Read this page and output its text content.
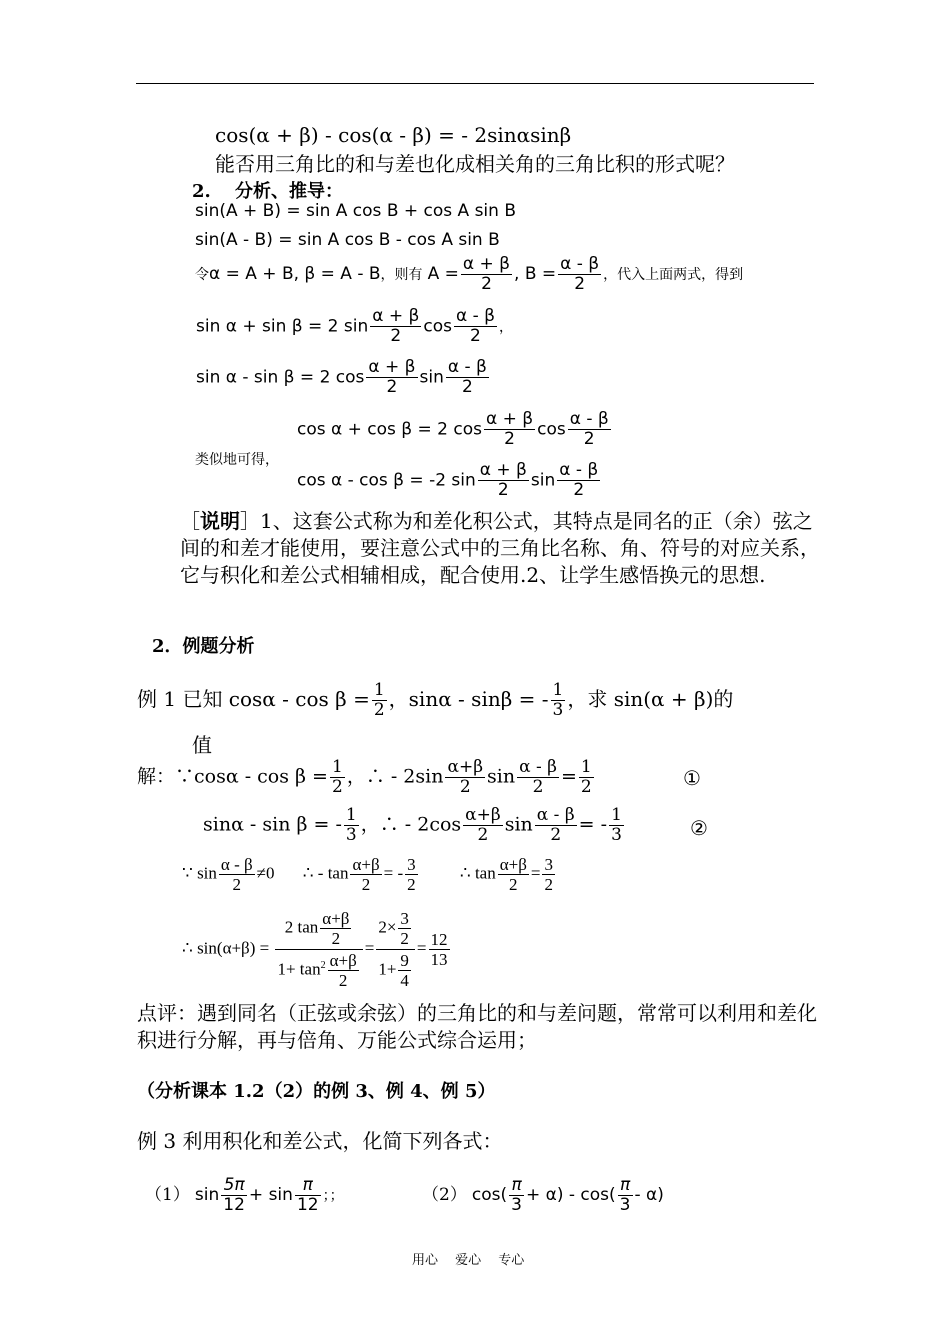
cos(α + β) - cos(α - β) = - 2sinαsinβ
能否用三角比的和与差也化成相关角的三角比积的形式呢？
2.　 分析、推导：
sin(A + B) = sin A cos B + cos A sin B
sin(A - B) = sin A cos B - cos A sin B
令α = A + B, β = A - B，则有 $A = \frac{\alpha + \beta}{2}$ , $B = \frac{\alpha - \beta}{2}$ ，代入上面两式，得到
sin α + sin β = 2 $\sin \frac{\alpha + \beta}{2}$ $\cos \frac{\alpha - \beta}{2}$ ，
sin α - sin β = 2 $\cos \frac{\alpha + \beta}{2}$ $\sin \frac{\alpha - \beta}{2}$
cos α + cos β = 2 $\cos \frac{\alpha + \beta}{2}$ $\cos \frac{\alpha - \beta}{2}$
类似地可得，
cos α - cos β = -2 $\sin \frac{\alpha + \beta}{2}$ $\sin \frac{\alpha - \beta}{2}$
［说明］1、这套公式称为和差化积公式，其特点是同名的正（余）弦之间的和差才能使用，要注意公式中的三角比名称、角、符号的对应关系，它与积化和差公式相辅相成，配合使用.2、让学生感悟换元的思想.
2．例题分析
例 1 已知 $\cos\alpha - \cos \beta = \frac{1}{2}$ ，sinα - sinβ = - $\frac{1}{3}$ ，求 sin(α + β)的
值
解：∵cosα - $\cos \beta = \frac{1}{2}$ ，∴ - $2\sin \frac{\alpha+\beta}{2}$ $\sin \frac{\alpha - \beta}{2} = \frac{1}{2}$	①
sinα - sin β = - $\frac{1}{3}$ ，∴ - $2\cos \frac{\alpha+\beta}{2}$ $\sin \frac{\alpha - \beta}{2}$ = - $\frac{1}{3}$	②
∵ $\sin \frac{\alpha - \beta}{2} \ne 0$ ∴ - $\tan \frac{\alpha+\beta}{2}$ = - $\frac{3}{2}$ ∴ $\tan \frac{\alpha+\beta}{2} = \frac{3}{2}$
∴ $\sin(\alpha+\beta) = \frac{2 \tan \frac{\alpha+\beta}{2}}{1+ \tan^2 \frac{\alpha+\beta}{2}} = \frac{2\times \frac{3}{2}}{1+ \frac{9}{4}} = \frac{12}{13}$
点评：遇到同名（正弦或余弦）的三角比的和与差问题，常常可以利用和差化积进行分解，再与倍角、万能公式综合运用；
（分析课本 1.2（2）的例 3、例 4、例 5）
例 3 利用积化和差公式，化简下列各式：
（1） $\sin \frac{5\pi}{12} + \sin \frac{\pi}{12}$ ；；	（2） $\cos( \frac{\pi}{3} + \alpha) - \cos( \frac{\pi}{3} - \alpha)$
用心　 爱心　 专心
